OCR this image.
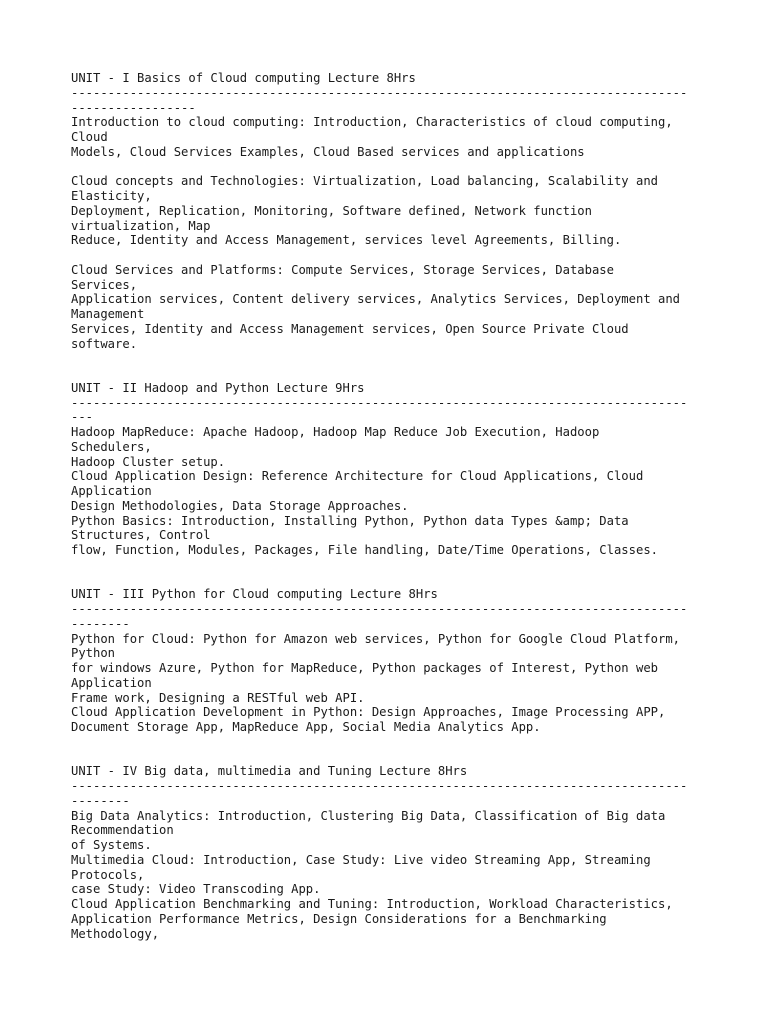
UNIT - I Basics of Cloud computing Lecture 8Hrs
------------------------------------------------------------------------------------
-----------------
Introduction to cloud computing: Introduction, Characteristics of cloud computing,
Cloud
Models, Cloud Services Examples, Cloud Based services and applications
Cloud concepts and Technologies: Virtualization, Load balancing, Scalability and
Elasticity,
Deployment, Replication, Monitoring, Software defined, Network function
virtualization, Map
Reduce, Identity and Access Management, services level Agreements, Billing.
Cloud Services and Platforms: Compute Services, Storage Services, Database
Services,
Application services, Content delivery services, Analytics Services, Deployment and
Management
Services, Identity and Access Management services, Open Source Private Cloud
software.
UNIT - II Hadoop and Python Lecture 9Hrs
------------------------------------------------------------------------------------
---
Hadoop MapReduce: Apache Hadoop, Hadoop Map Reduce Job Execution, Hadoop
Schedulers,
Hadoop Cluster setup.
Cloud Application Design: Reference Architecture for Cloud Applications, Cloud
Application
Design Methodologies, Data Storage Approaches.
Python Basics: Introduction, Installing Python, Python data Types &amp; Data
Structures, Control
flow, Function, Modules, Packages, File handling, Date/Time Operations, Classes.
UNIT - III Python for Cloud computing Lecture 8Hrs
------------------------------------------------------------------------------------
--------
Python for Cloud: Python for Amazon web services, Python for Google Cloud Platform,
Python
for windows Azure, Python for MapReduce, Python packages of Interest, Python web
Application
Frame work, Designing a RESTful web API.
Cloud Application Development in Python: Design Approaches, Image Processing APP,
Document Storage App, MapReduce App, Social Media Analytics App.
UNIT - IV Big data, multimedia and Tuning Lecture 8Hrs
------------------------------------------------------------------------------------
--------
Big Data Analytics: Introduction, Clustering Big Data, Classification of Big data
Recommendation
of Systems.
Multimedia Cloud: Introduction, Case Study: Live video Streaming App, Streaming
Protocols,
case Study: Video Transcoding App.
Cloud Application Benchmarking and Tuning: Introduction, Workload Characteristics,
Application Performance Metrics, Design Considerations for a Benchmarking
Methodology,
